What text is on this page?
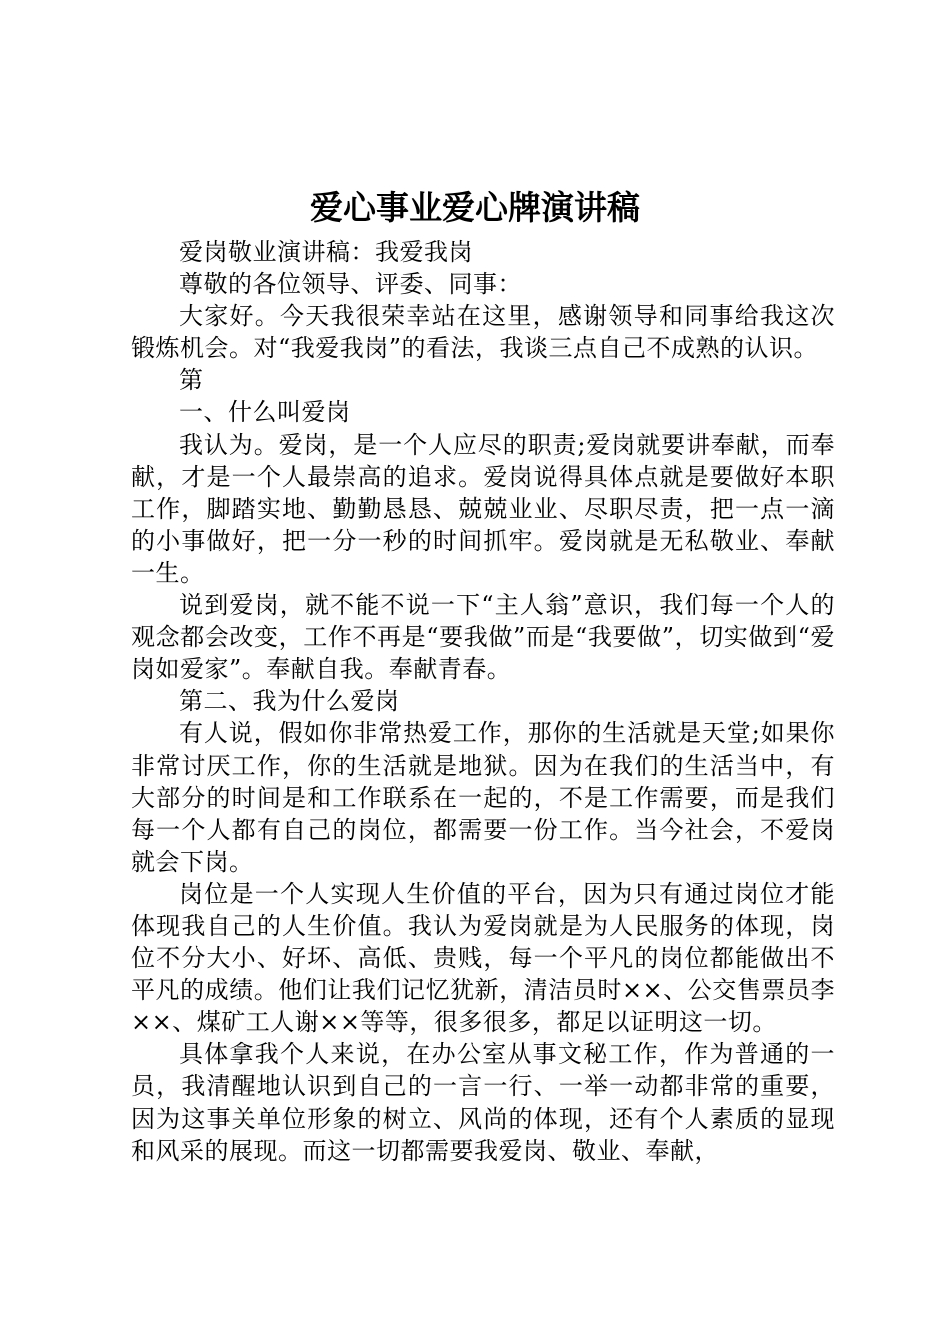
爱心事业爱心牌演讲稿

爱岗敬业演讲稿：我爱我岗

尊敬的各位领导、评委、同事：

大家好。今天我很荣幸站在这里，感谢领导和同事给我这次锻炼机会。对“我爱我岗”的看法，我谈三点自己不成熟的认识。

第

一、什么叫爱岗

我认为。爱岗，是一个人应尽的职责;爱岗就要讲奉献，而奉献，才是一个人最崇高的追求。爱岗说得具体点就是要做好本职工作，脚踏实地、勤勤恳恳、兢兢业业、尽职尽责，把一点一滴的小事做好，把一分一秒的时间抓牢。爱岗就是无私敬业、奉献一生。

说到爱岗，就不能不说一下“主人翁”意识，我们每一个人的观念都会改变，工作不再是“要我做”而是“我要做”，切实做到“爱岗如爱家”。奉献自我。奉献青春。

第二、我为什么爱岗

有人说，假如你非常热爱工作，那你的生活就是天堂;如果你非常讨厌工作，你的生活就是地狱。因为在我们的生活当中，有大部分的时间是和工作联系在一起的，不是工作需要，而是我们每一个人都有自己的岗位，都需要一份工作。当今社会，不爱岗就会下岗。

岗位是一个人实现人生价值的平台，因为只有通过岗位才能体现我自己的人生价值。我认为爱岗就是为人民服务的体现，岗位不分大小、好坏、高低、贵贱，每一个平凡的岗位都能做出不平凡的成绩。他们让我们记忆犹新，清洁员时××、公交售票员李××、煤矿工人谢××等等，很多很多，都足以证明这一切。

具体拿我个人来说，在办公室从事文秘工作，作为普通的一员，我清醒地认识到自己的一言一行、一举一动都非常的重要，因为这事关单位形象的树立、风尚的体现，还有个人素质的显现和风采的展现。而这一切都需要我爱岗、敬业、奉献，
